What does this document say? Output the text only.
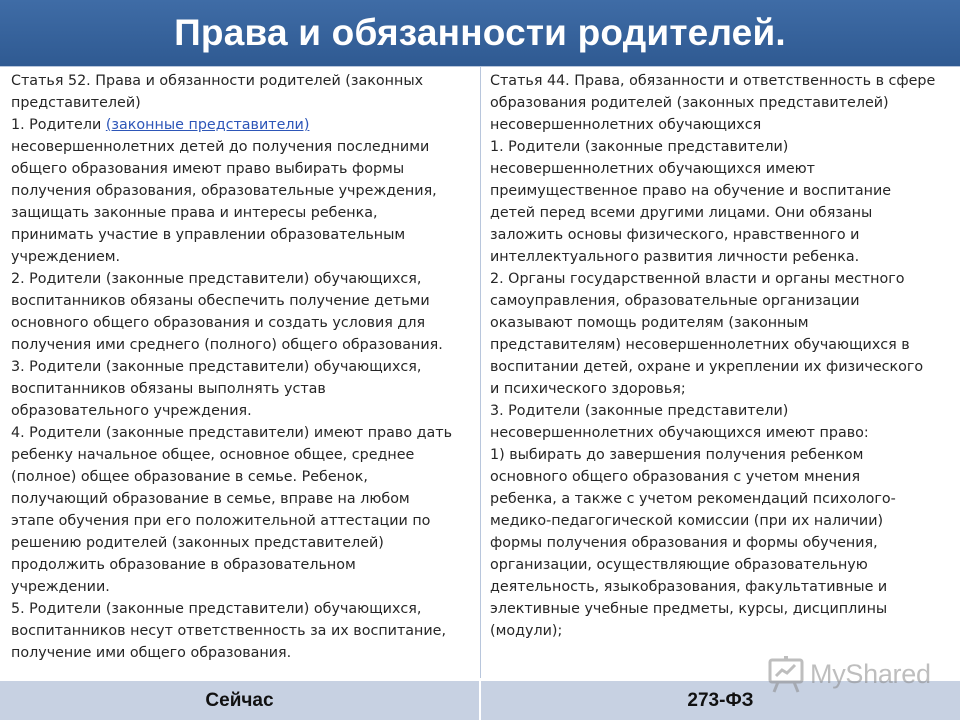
Права и обязанности родителей.
Статья 52. Права и обязанности родителей (законных
представителей)
1. Родители (законные представители)
несовершеннолетних детей до получения последними
общего образования имеют право выбирать формы
получения образования, образовательные учреждения,
защищать законные права и интересы ребенка,
принимать участие в управлении образовательным
учреждением.
2. Родители (законные представители) обучающихся,
воспитанников обязаны обеспечить получение детьми
основного общего образования и создать условия для
получения ими среднего (полного) общего образования.
3. Родители (законные представители) обучающихся,
воспитанников обязаны выполнять устав
образовательного учреждения.
4. Родители (законные представители) имеют право дать
ребенку начальное общее, основное общее, среднее
(полное) общее образование в семье. Ребенок,
получающий образование в семье, вправе на любом
этапе обучения при его положительной аттестации по
решению родителей (законных представителей)
продолжить образование в образовательном
учреждении.
5. Родители (законные представители) обучающихся,
воспитанников несут ответственность за их воспитание,
получение ими общего образования.
Статья 44. Права, обязанности и ответственность в сфере
образования родителей (законных представителей)
несовершеннолетних обучающихся
1. Родители (законные представители)
несовершеннолетних обучающихся имеют
преимущественное право на обучение и воспитание
детей перед всеми другими лицами. Они обязаны
заложить основы физического, нравственного и
интеллектуального развития личности ребенка.
2. Органы государственной власти и органы местного
самоуправления, образовательные организации
оказывают помощь родителям (законным
представителям) несовершеннолетних обучающихся в
воспитании детей, охране и укреплении их физического
и психического здоровья;
3. Родители (законные представители)
несовершеннолетних обучающихся имеют право:
1) выбирать до завершения получения ребенком
основного общего образования с учетом мнения
ребенка, а также с учетом рекомендаций психолого-
медико-педагогической комиссии (при их наличии)
формы получения образования и формы обучения,
организации, осуществляющие образовательную
деятельность, языкобразования, факультативные и
элективные учебные предметы, курсы, дисциплины
(модули);
Сейчас	273-ФЗ
MyShared
